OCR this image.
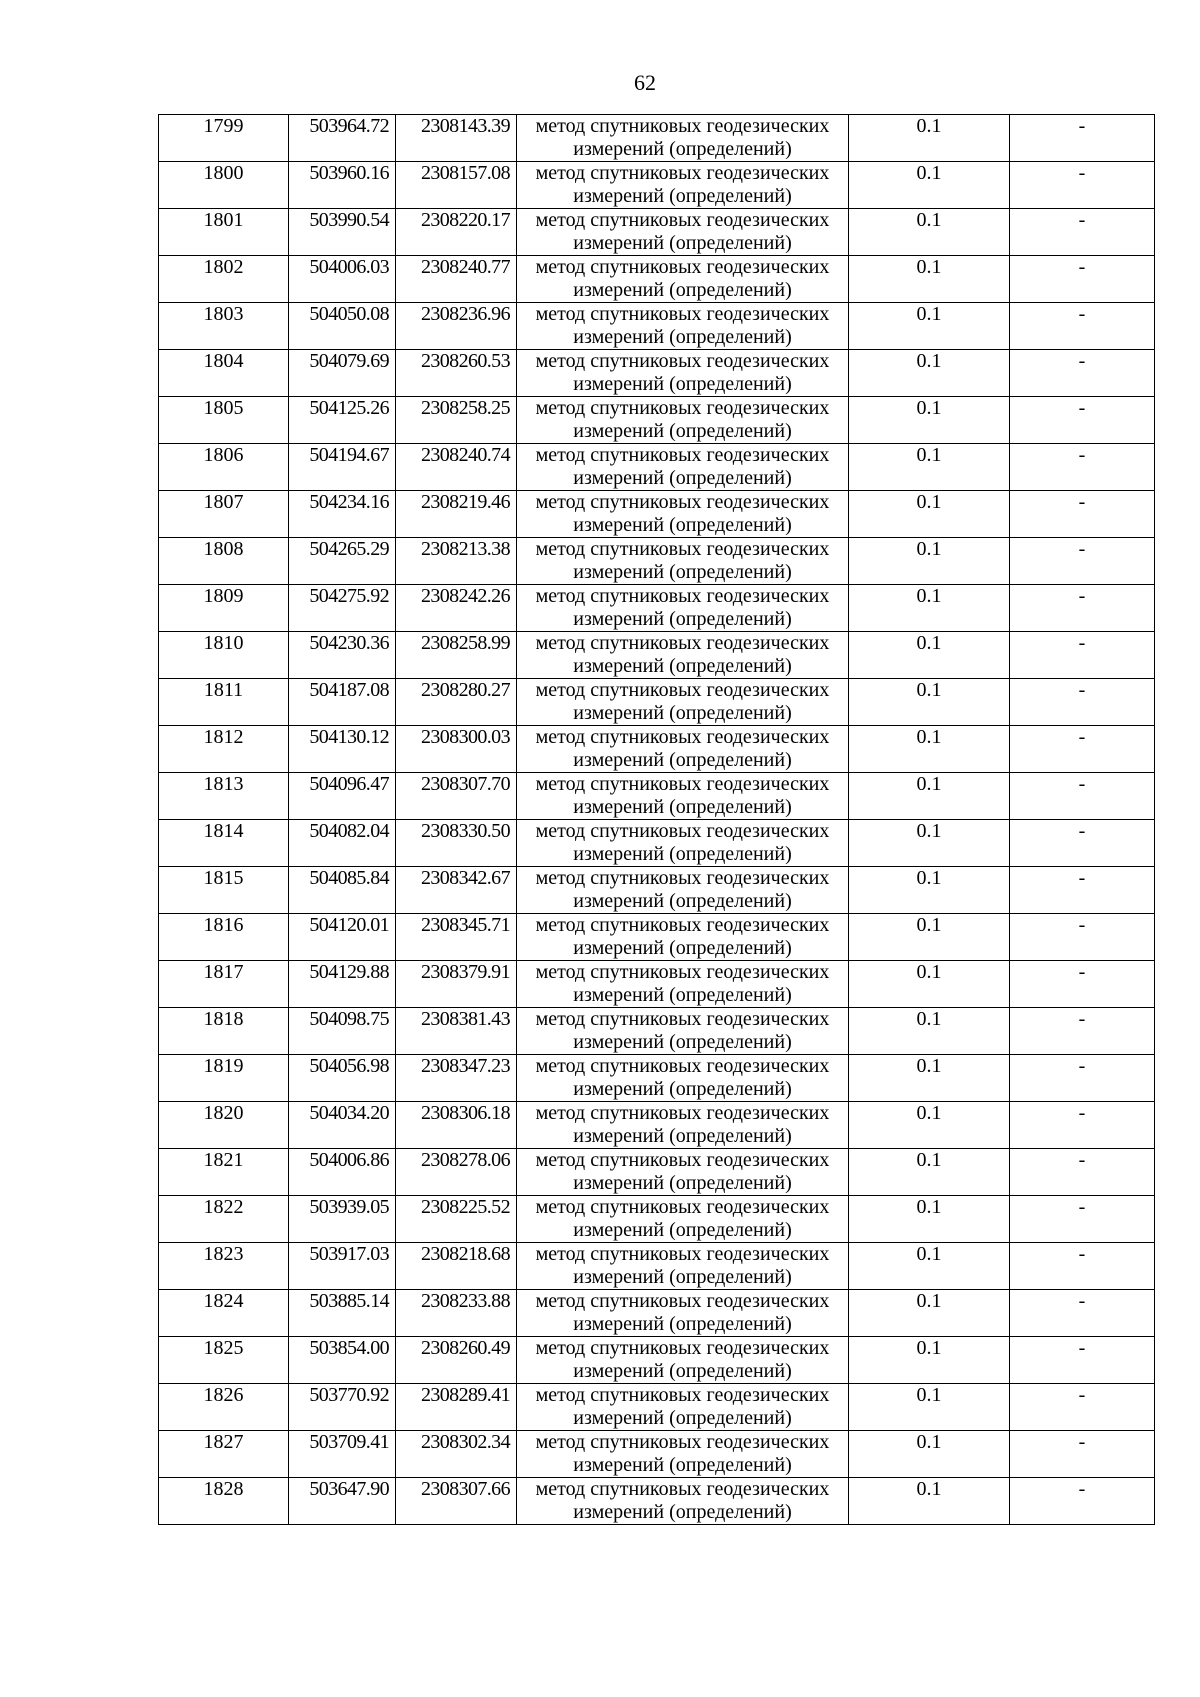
62
1799	503964.72	2308143.39	метод спутниковых геодезических измерений (определений)	0.1	-
1800	503960.16	2308157.08	метод спутниковых геодезических измерений (определений)	0.1	-
1801	503990.54	2308220.17	метод спутниковых геодезических измерений (определений)	0.1	-
1802	504006.03	2308240.77	метод спутниковых геодезических измерений (определений)	0.1	-
1803	504050.08	2308236.96	метод спутниковых геодезических измерений (определений)	0.1	-
1804	504079.69	2308260.53	метод спутниковых геодезических измерений (определений)	0.1	-
1805	504125.26	2308258.25	метод спутниковых геодезических измерений (определений)	0.1	-
1806	504194.67	2308240.74	метод спутниковых геодезических измерений (определений)	0.1	-
1807	504234.16	2308219.46	метод спутниковых геодезических измерений (определений)	0.1	-
1808	504265.29	2308213.38	метод спутниковых геодезических измерений (определений)	0.1	-
1809	504275.92	2308242.26	метод спутниковых геодезических измерений (определений)	0.1	-
1810	504230.36	2308258.99	метод спутниковых геодезических измерений (определений)	0.1	-
1811	504187.08	2308280.27	метод спутниковых геодезических измерений (определений)	0.1	-
1812	504130.12	2308300.03	метод спутниковых геодезических измерений (определений)	0.1	-
1813	504096.47	2308307.70	метод спутниковых геодезических измерений (определений)	0.1	-
1814	504082.04	2308330.50	метод спутниковых геодезических измерений (определений)	0.1	-
1815	504085.84	2308342.67	метод спутниковых геодезических измерений (определений)	0.1	-
1816	504120.01	2308345.71	метод спутниковых геодезических измерений (определений)	0.1	-
1817	504129.88	2308379.91	метод спутниковых геодезических измерений (определений)	0.1	-
1818	504098.75	2308381.43	метод спутниковых геодезических измерений (определений)	0.1	-
1819	504056.98	2308347.23	метод спутниковых геодезических измерений (определений)	0.1	-
1820	504034.20	2308306.18	метод спутниковых геодезических измерений (определений)	0.1	-
1821	504006.86	2308278.06	метод спутниковых геодезических измерений (определений)	0.1	-
1822	503939.05	2308225.52	метод спутниковых геодезических измерений (определений)	0.1	-
1823	503917.03	2308218.68	метод спутниковых геодезических измерений (определений)	0.1	-
1824	503885.14	2308233.88	метод спутниковых геодезических измерений (определений)	0.1	-
1825	503854.00	2308260.49	метод спутниковых геодезических измерений (определений)	0.1	-
1826	503770.92	2308289.41	метод спутниковых геодезических измерений (определений)	0.1	-
1827	503709.41	2308302.34	метод спутниковых геодезических измерений (определений)	0.1	-
1828	503647.90	2308307.66	метод спутниковых геодезических измерений (определений)	0.1	-
